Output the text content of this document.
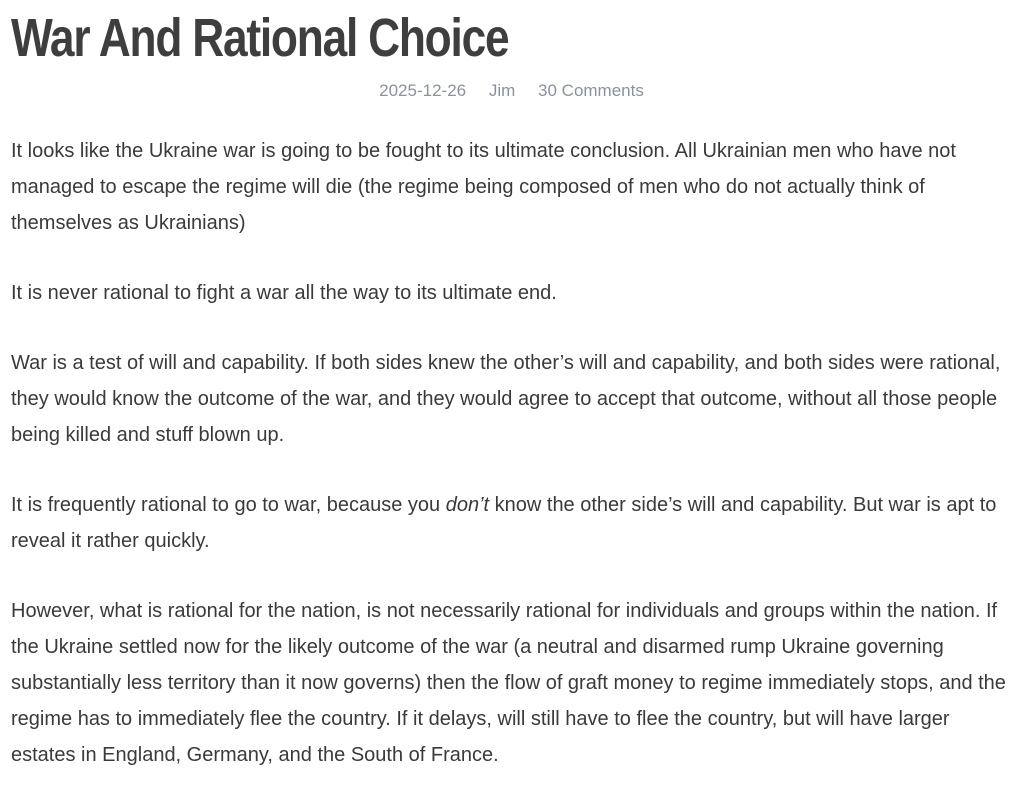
War And Rational Choice
2025-12-26 Jim 30 Comments

It looks like the Ukraine war is going to be fought to its ultimate conclusion. All Ukrainian men who have not managed to escape the regime will die (the regime being composed of men who do not actually think of themselves as Ukrainians)

It is never rational to fight a war all the way to its ultimate end.

War is a test of will and capability. If both sides knew the other’s will and capability, and both sides were rational, they would know the outcome of the war, and they would agree to accept that outcome, without all those people being killed and stuff blown up.

It is frequently rational to go to war, because you don’t know the other side’s will and capability. But war is apt to reveal it rather quickly.

However, what is rational for the nation, is not necessarily rational for individuals and groups within the nation. If the Ukraine settled now for the likely outcome of the war (a neutral and disarmed rump Ukraine governing substantially less territory than it now governs) then the flow of graft money to regime immediately stops, and the regime has to immediately flee the country. If it delays, will still have to flee the country, but will have larger estates in England, Germany, and the South of France.
